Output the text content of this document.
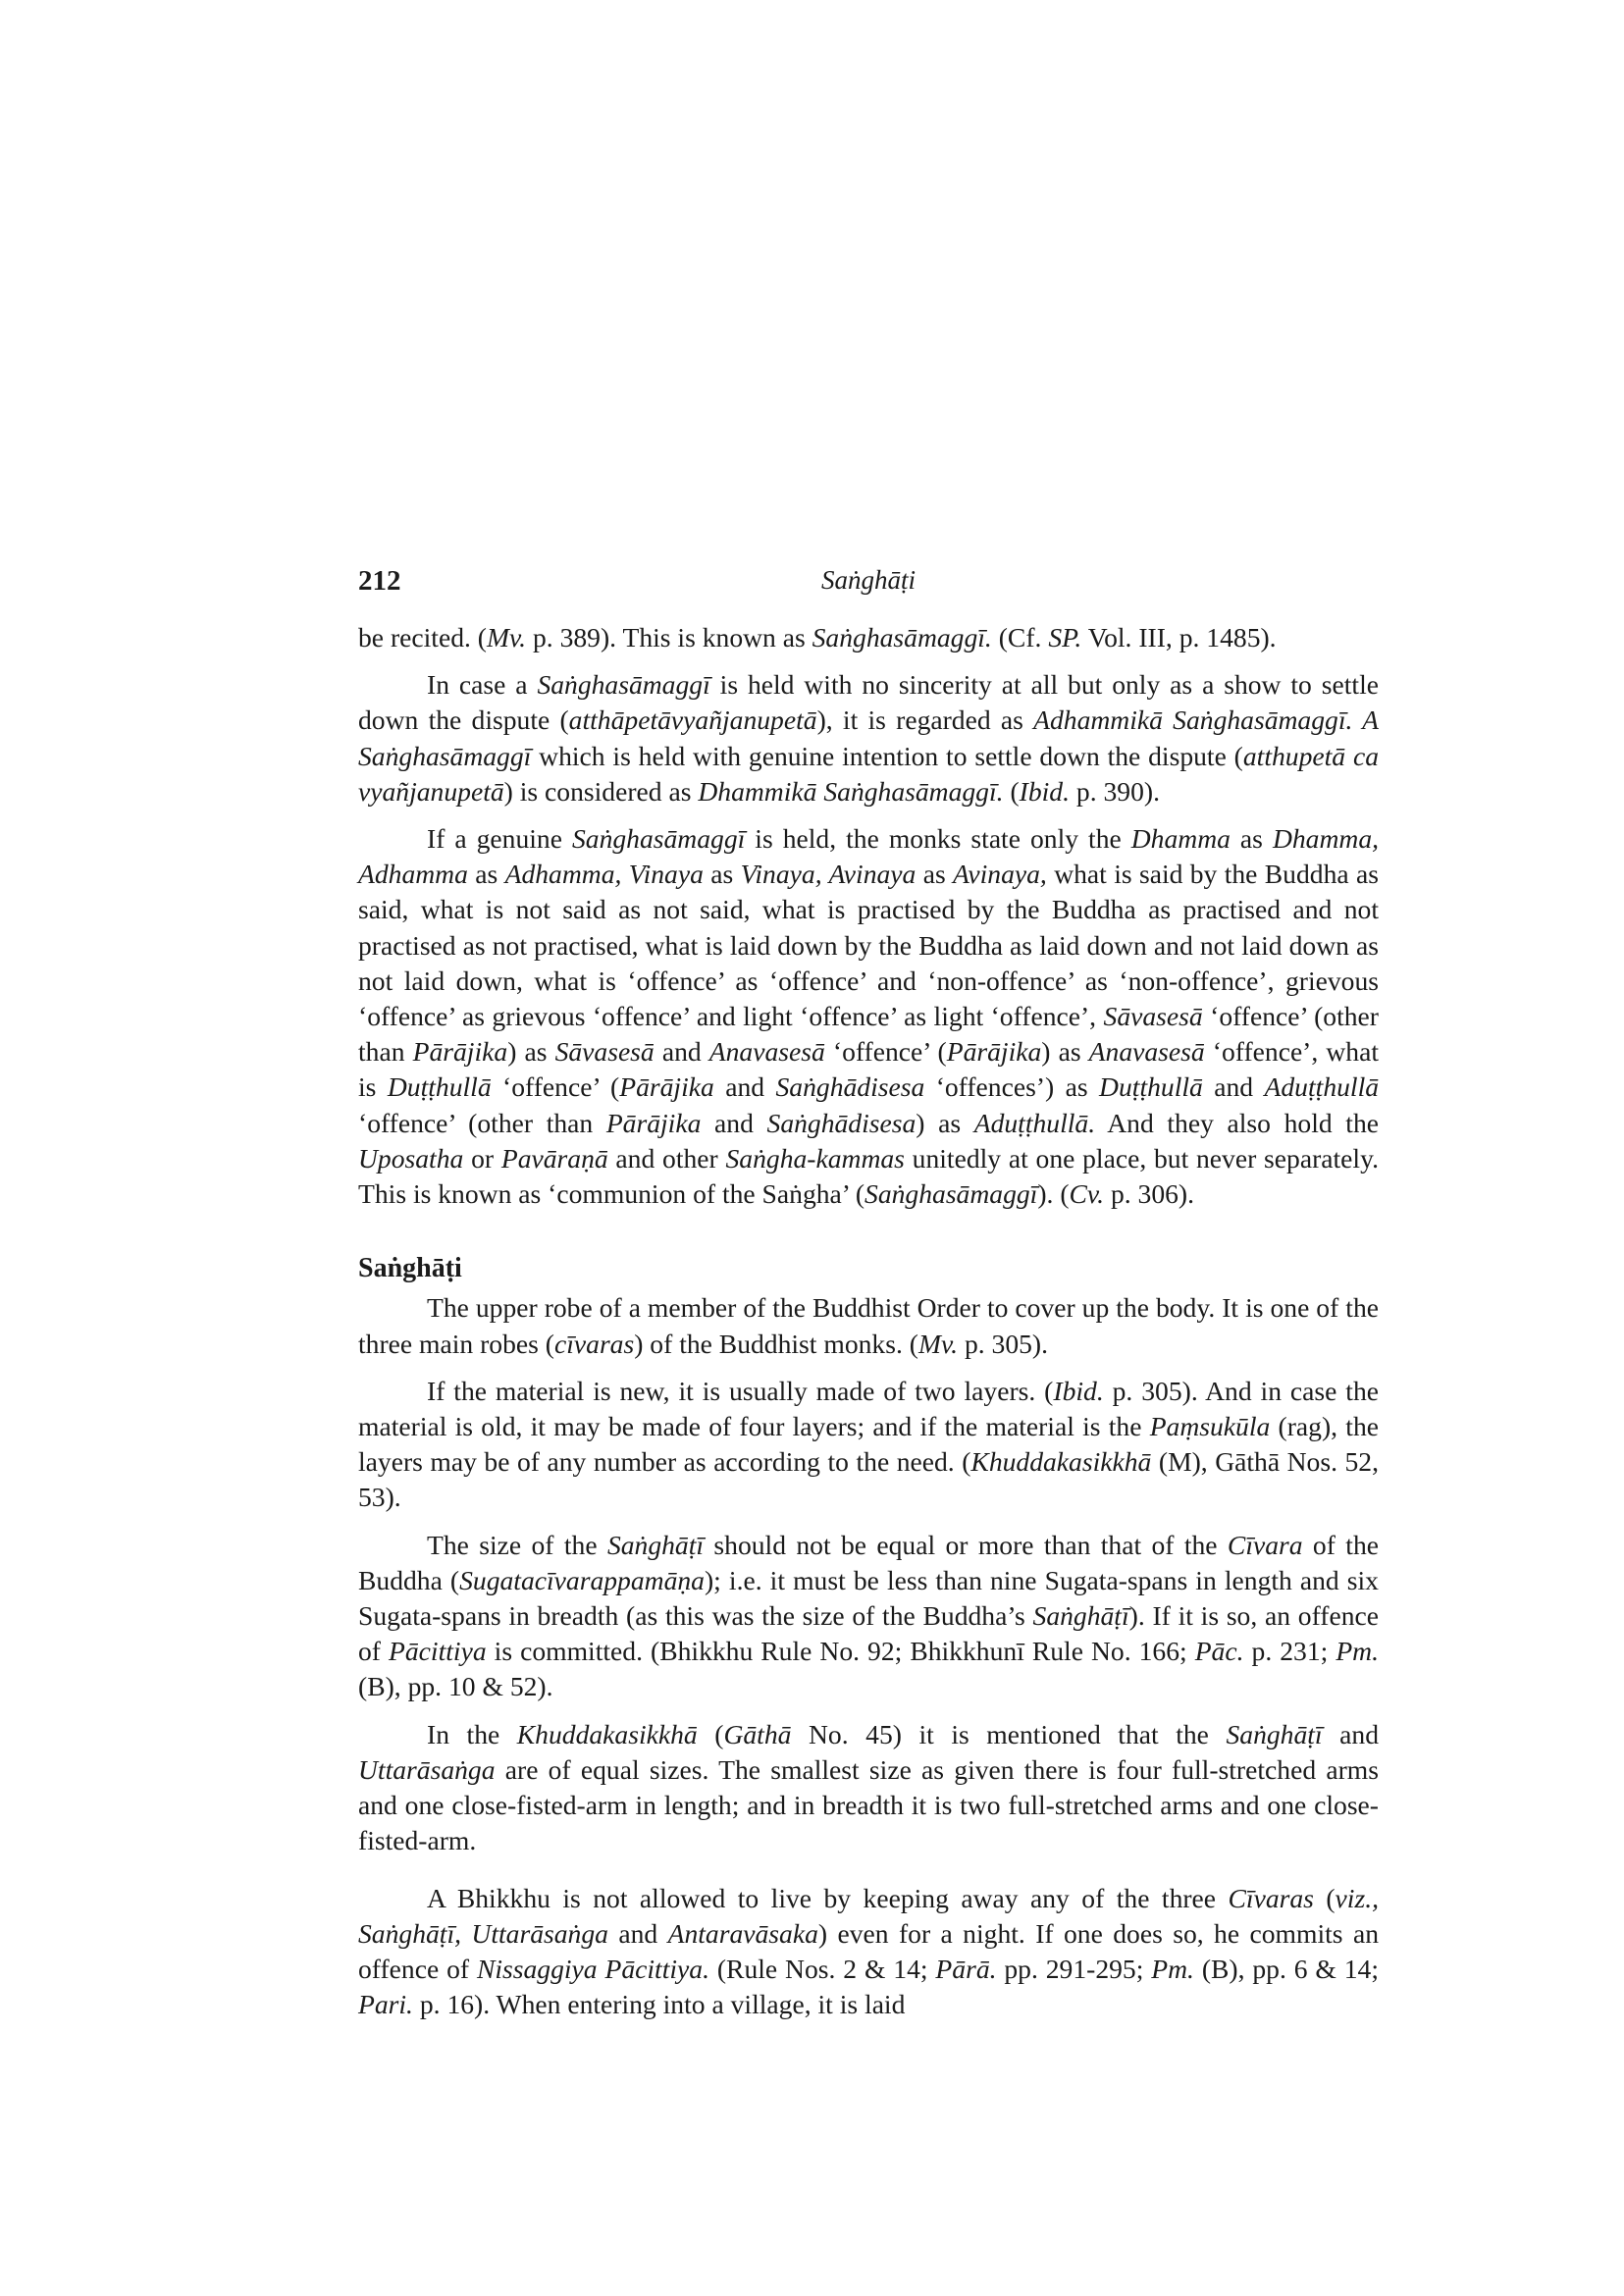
212	Saṅghāṭi

be recited. (Mv. p. 389). This is known as Saṅghasāmaggī. (Cf. SP. Vol. III, p. 1485).

In case a Saṅghasāmaggī is held with no sincerity at all but only as a show to settle down the dispute (atthāpetāvyañjanupetā), it is regarded as Adhammikā Saṅghasāmaggī. A Saṅghasāmaggī which is held with genuine intention to settle down the dispute (atthupetā ca vyañjanupetā) is considered as Dhammikā Saṅghasāmaggī. (Ibid. p. 390).

If a genuine Saṅghasāmaggī is held, the monks state only the Dhamma as Dhamma, Adhamma as Adhamma, Vinaya as Vinaya, Avinaya as Avinaya, what is said by the Buddha as said, what is not said as not said, what is practised by the Buddha as practised and not practised as not practised, what is laid down by the Buddha as laid down and not laid down as not laid down, what is ‘offence’ as ‘offence’ and ‘non-offence’ as ‘non-offence’, grievous ‘offence’ as grievous ‘offence’ and light ‘offence’ as light ‘offence’, Sāvasesā ‘offence’ (other than Pārājika) as Sāvasesā and Anavasesā ‘offence’ (Pārājika) as Anavasesā ‘offence’, what is Duṭṭhullā ‘offence’ (Pārājika and Saṅghādisesa ‘offences’) as Duṭṭhullā and Aduṭṭhullā ‘offence’ (other than Pārājika and Saṅghādisesa) as Aduṭṭhullā. And they also hold the Uposatha or Pavāraṇā and other Saṅgha-kammas unitedly at one place, but never separately. This is known as ‘communion of the Saṅgha’ (Saṅghasāmaggī). (Cv. p. 306).

Saṅghāṭi

The upper robe of a member of the Buddhist Order to cover up the body. It is one of the three main robes (cīvaras) of the Buddhist monks. (Mv. p. 305).

If the material is new, it is usually made of two layers. (Ibid. p. 305). And in case the material is old, it may be made of four layers; and if the material is the Paṃsukūla (rag), the layers may be of any number as according to the need. (Khuddakasikkhā (M), Gāthā Nos. 52, 53).

The size of the Saṅghāṭī should not be equal or more than that of the Cīvara of the Buddha (Sugatacīvarappamāṇa); i.e. it must be less than nine Sugata-spans in length and six Sugata-spans in breadth (as this was the size of the Buddha’s Saṅghāṭī). If it is so, an offence of Pācittiya is committed. (Bhikkhu Rule No. 92; Bhikkhunī Rule No. 166; Pāc. p. 231; Pm. (B), pp. 10 & 52).

In the Khuddakasikkhā (Gāthā No. 45) it is mentioned that the Saṅghāṭī and Uttarāsaṅga are of equal sizes. The smallest size as given there is four full-stretched arms and one close-fisted-arm in length; and in breadth it is two full-stretched arms and one close-fisted-arm.

A Bhikkhu is not allowed to live by keeping away any of the three Cīvaras (viz., Saṅghāṭī, Uttarāsaṅga and Antaravāsaka) even for a night. If one does so, he commits an offence of Nissaggiya Pācittiya. (Rule Nos. 2 & 14; Pārā. pp. 291-295; Pm. (B), pp. 6 & 14; Pari. p. 16). When entering into a village, it is laid
